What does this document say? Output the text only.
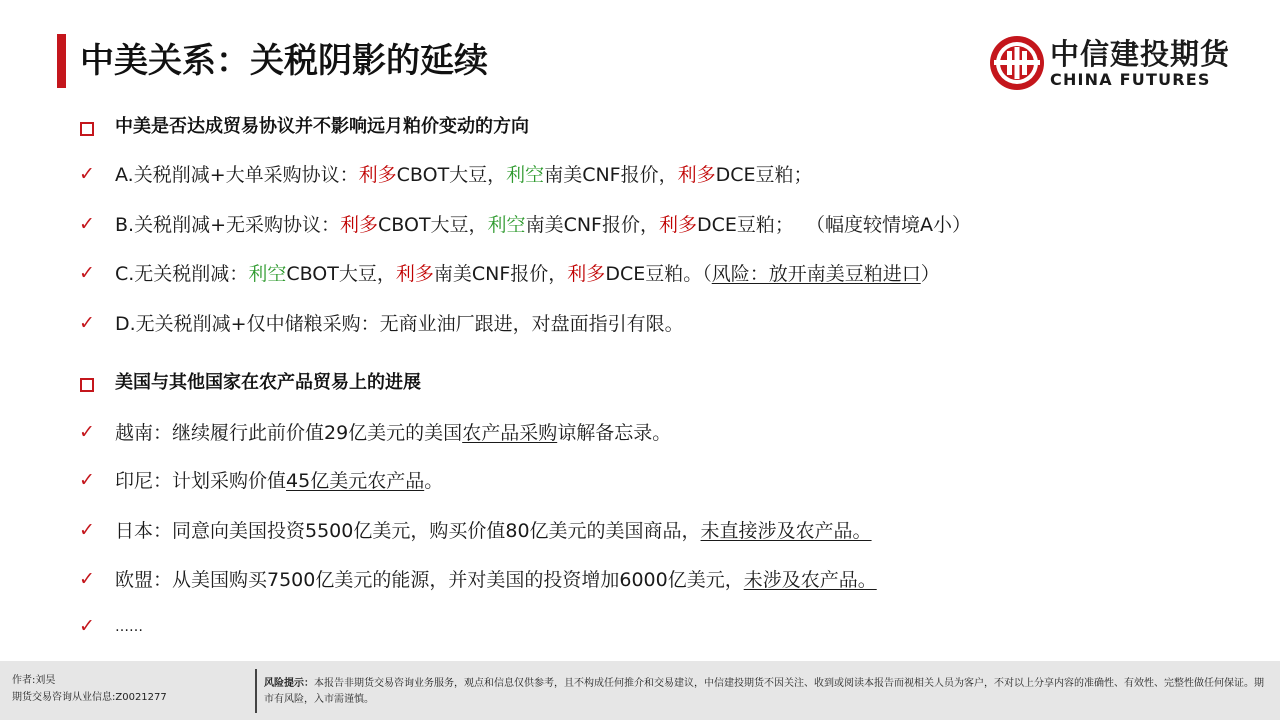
中美关系：关税阴影的延续	中信建投期货

CHINA FUTURES

中美是否达成贸易协议并不影响远月粕价变动的方向
✓ A.关税削减+大单采购协议：利多CBOT大豆，利空南美CNF报价，利多DCE豆粕；
✓ B.关税削减+无采购协议：利多CBOT大豆，利空南美CNF报价，利多DCE豆粕；  （幅度较情境A小）
✓ C.无关税削减：利空CBOT大豆，利多南美CNF报价，利多DCE豆粕。（风险：放开南美豆粕进口）
✓ D.无关税削减+仅中储粮采购：无商业油厂跟进，对盘面指引有限。
美国与其他国家在农产品贸易上的进展
✓ 越南：继续履行此前价值29亿美元的美国农产品采购谅解备忘录。
✓ 印尼：计划采购价值45亿美元农产品。
✓ 日本：同意向美国投资5500亿美元，购买价值80亿美元的美国商品，未直接涉及农产品。
✓ 欧盟：从美国购买7500亿美元的能源，并对美国的投资增加6000亿美元，未涉及农产品。
✓ ……

作者:刘昊

期货交易咨询从业信息:Z0021277

风险提示：本报告非期货交易咨询业务服务，观点和信息仅供参考，且不构成任何推介和交易建议，中信建投期货不因关注、收到或阅读本报告而视相关人员为客户，不对以上分享内容的准确性、有效性、完整性做任何保证。期市有风险，入市需谨慎。
